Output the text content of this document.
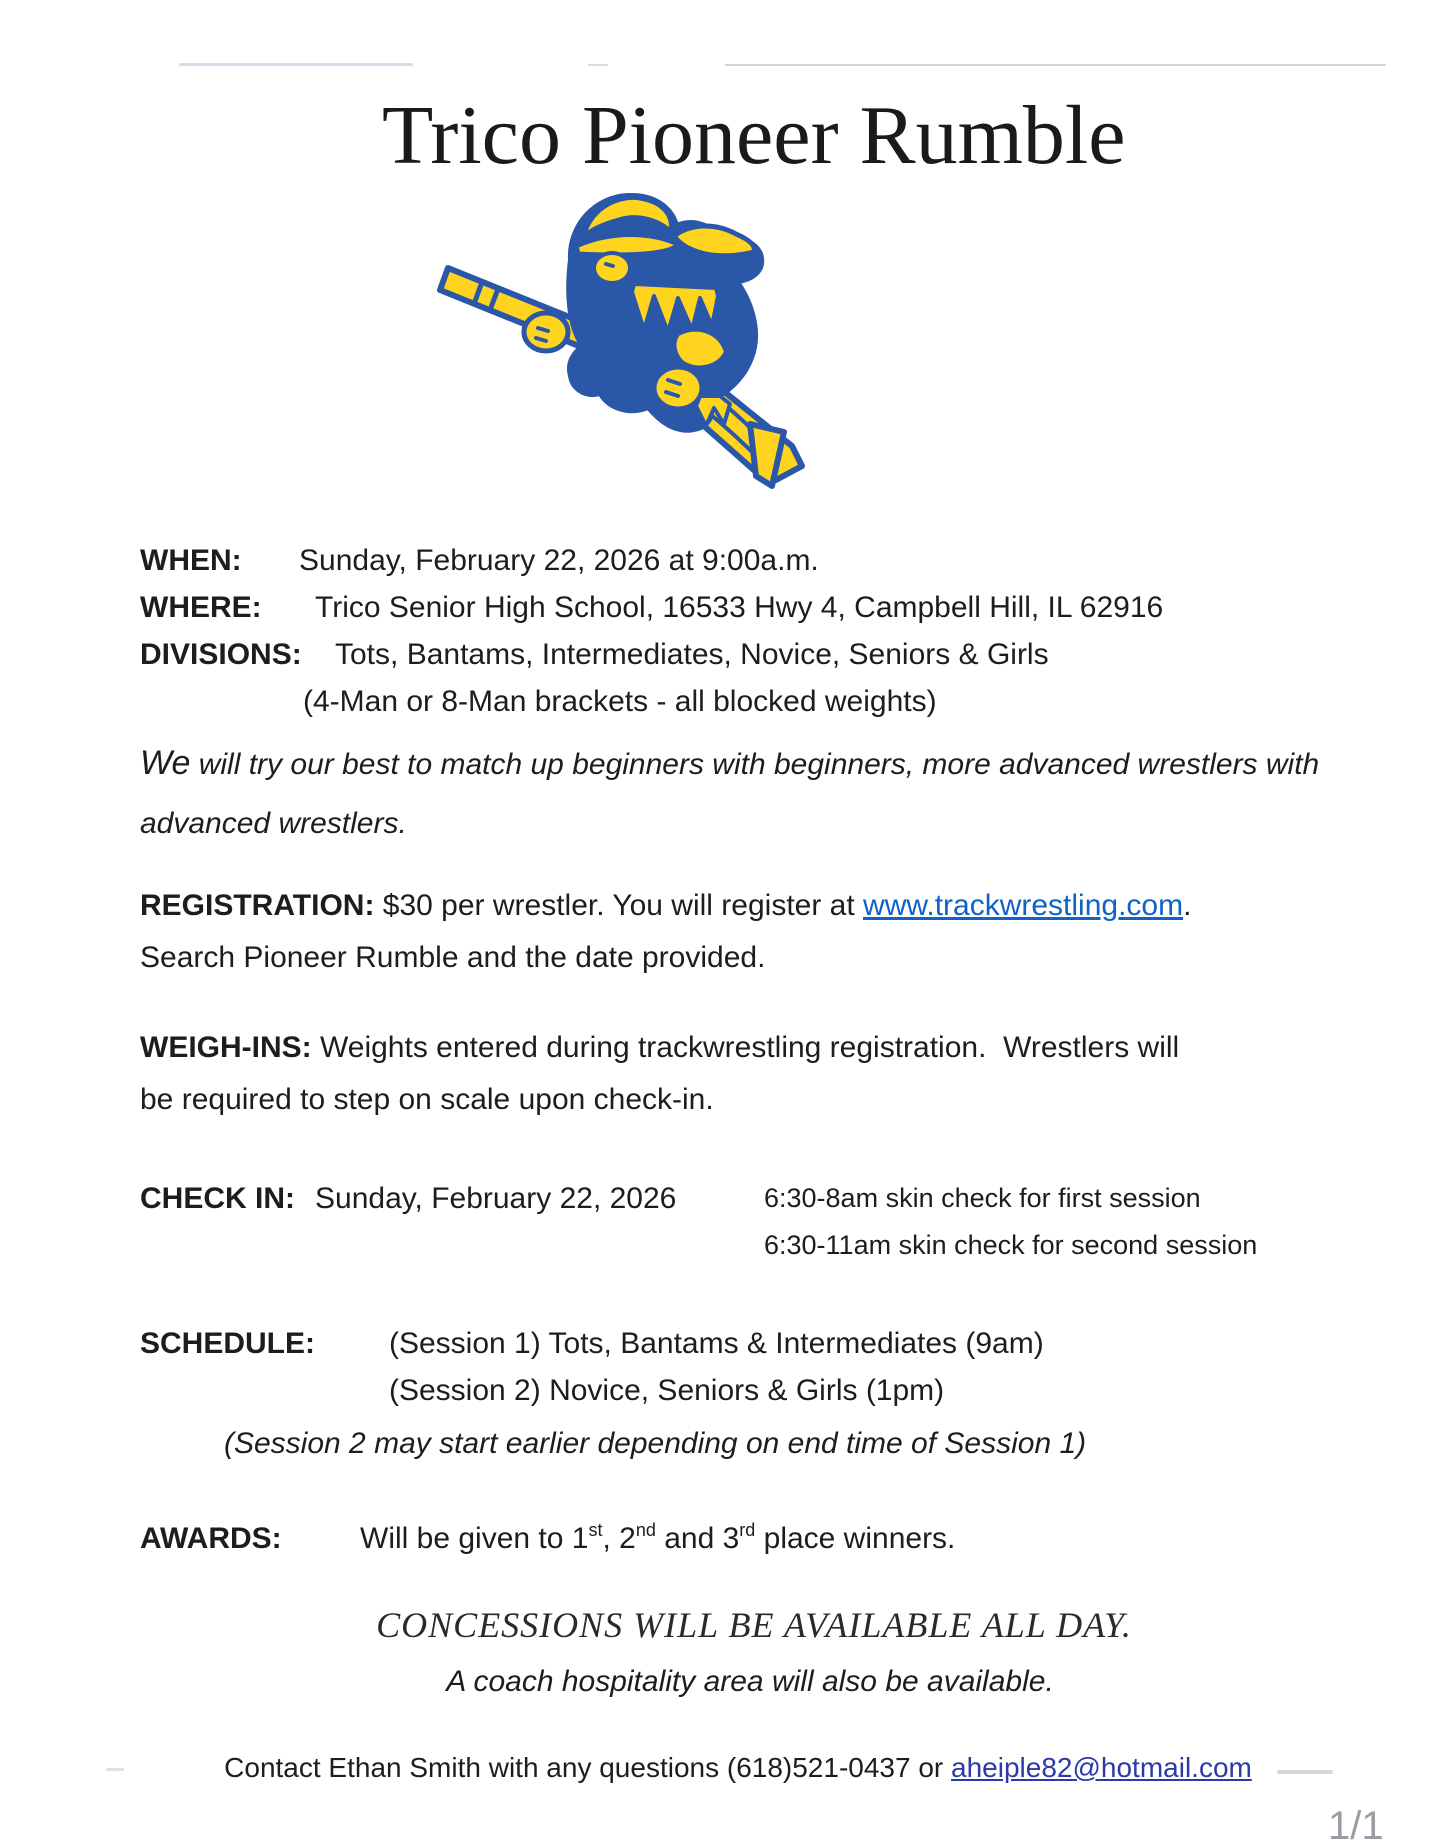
Trico Pioneer Rumble
WHEN: Sunday, February 22, 2026 at 9:00a.m.
WHERE: Trico Senior High School, 16533 Hwy 4, Campbell Hill, IL 62916
DIVISIONS: Tots, Bantams, Intermediates, Novice, Seniors & Girls
(4-Man or 8-Man brackets - all blocked weights)
We will try our best to match up beginners with beginners, more advanced wrestlers with
advanced wrestlers.
REGISTRATION: $30 per wrestler. You will register at www.trackwrestling.com.
Search Pioneer Rumble and the date provided.
WEIGH-INS: Weights entered during trackwrestling registration.  Wrestlers will
be required to step on scale upon check-in.
CHECK IN: Sunday, February 22, 2026	6:30-8am skin check for first session
6:30-11am skin check for second session
SCHEDULE: (Session 1) Tots, Bantams & Intermediates (9am)
(Session 2) Novice, Seniors & Girls (1pm)
(Session 2 may start earlier depending on end time of Session 1)
AWARDS:	Will be given to 1st, 2nd and 3rd place winners.
CONCESSIONS WILL BE AVAILABLE ALL DAY.
A coach hospitality area will also be available.
Contact Ethan Smith with any questions (618)521-0437 or aheiple82@hotmail.com
1/1
